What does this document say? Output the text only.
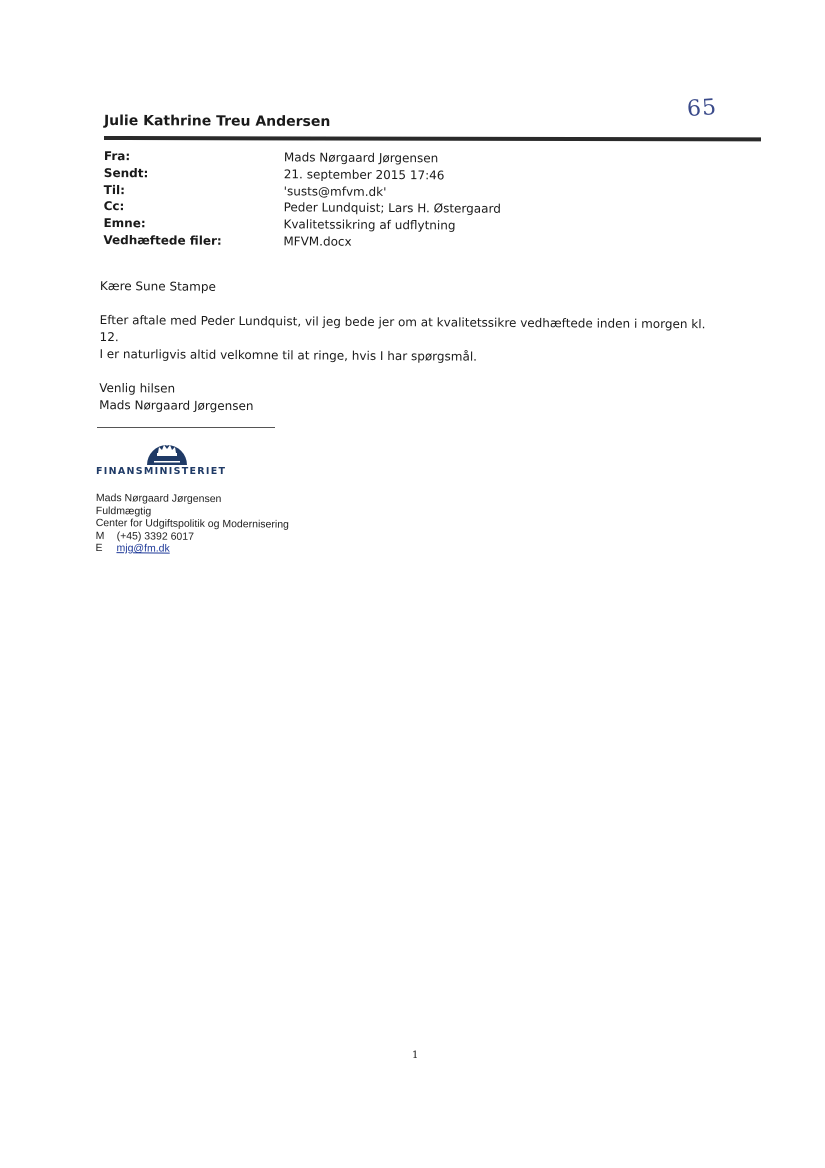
65
Julie Kathrine Treu Andersen
Fra:	Mads Nørgaard Jørgensen
Sendt:	21. september 2015 17:46
Til:	'susts@mfvm.dk'
Cc:	Peder Lundquist; Lars H. Østergaard
Emne:	Kvalitetssikring af udflytning
Vedhæftede filer:	MFVM.docx

Kære Sune Stampe

Efter aftale med Peder Lundquist, vil jeg bede jer om at kvalitetssikre vedhæftede inden i morgen kl. 12.

I er naturligvis altid velkomne til at ringe, hvis I har spørgsmål.

Venlig hilsen

Mads Nørgaard Jørgensen

FINANSMINISTERIET
Mads Nørgaard Jørgensen
Fuldmægtig
Center for Udgiftspolitik og Modernisering
M	(+45) 3392 6017
E	mjg@fm.dk
1
